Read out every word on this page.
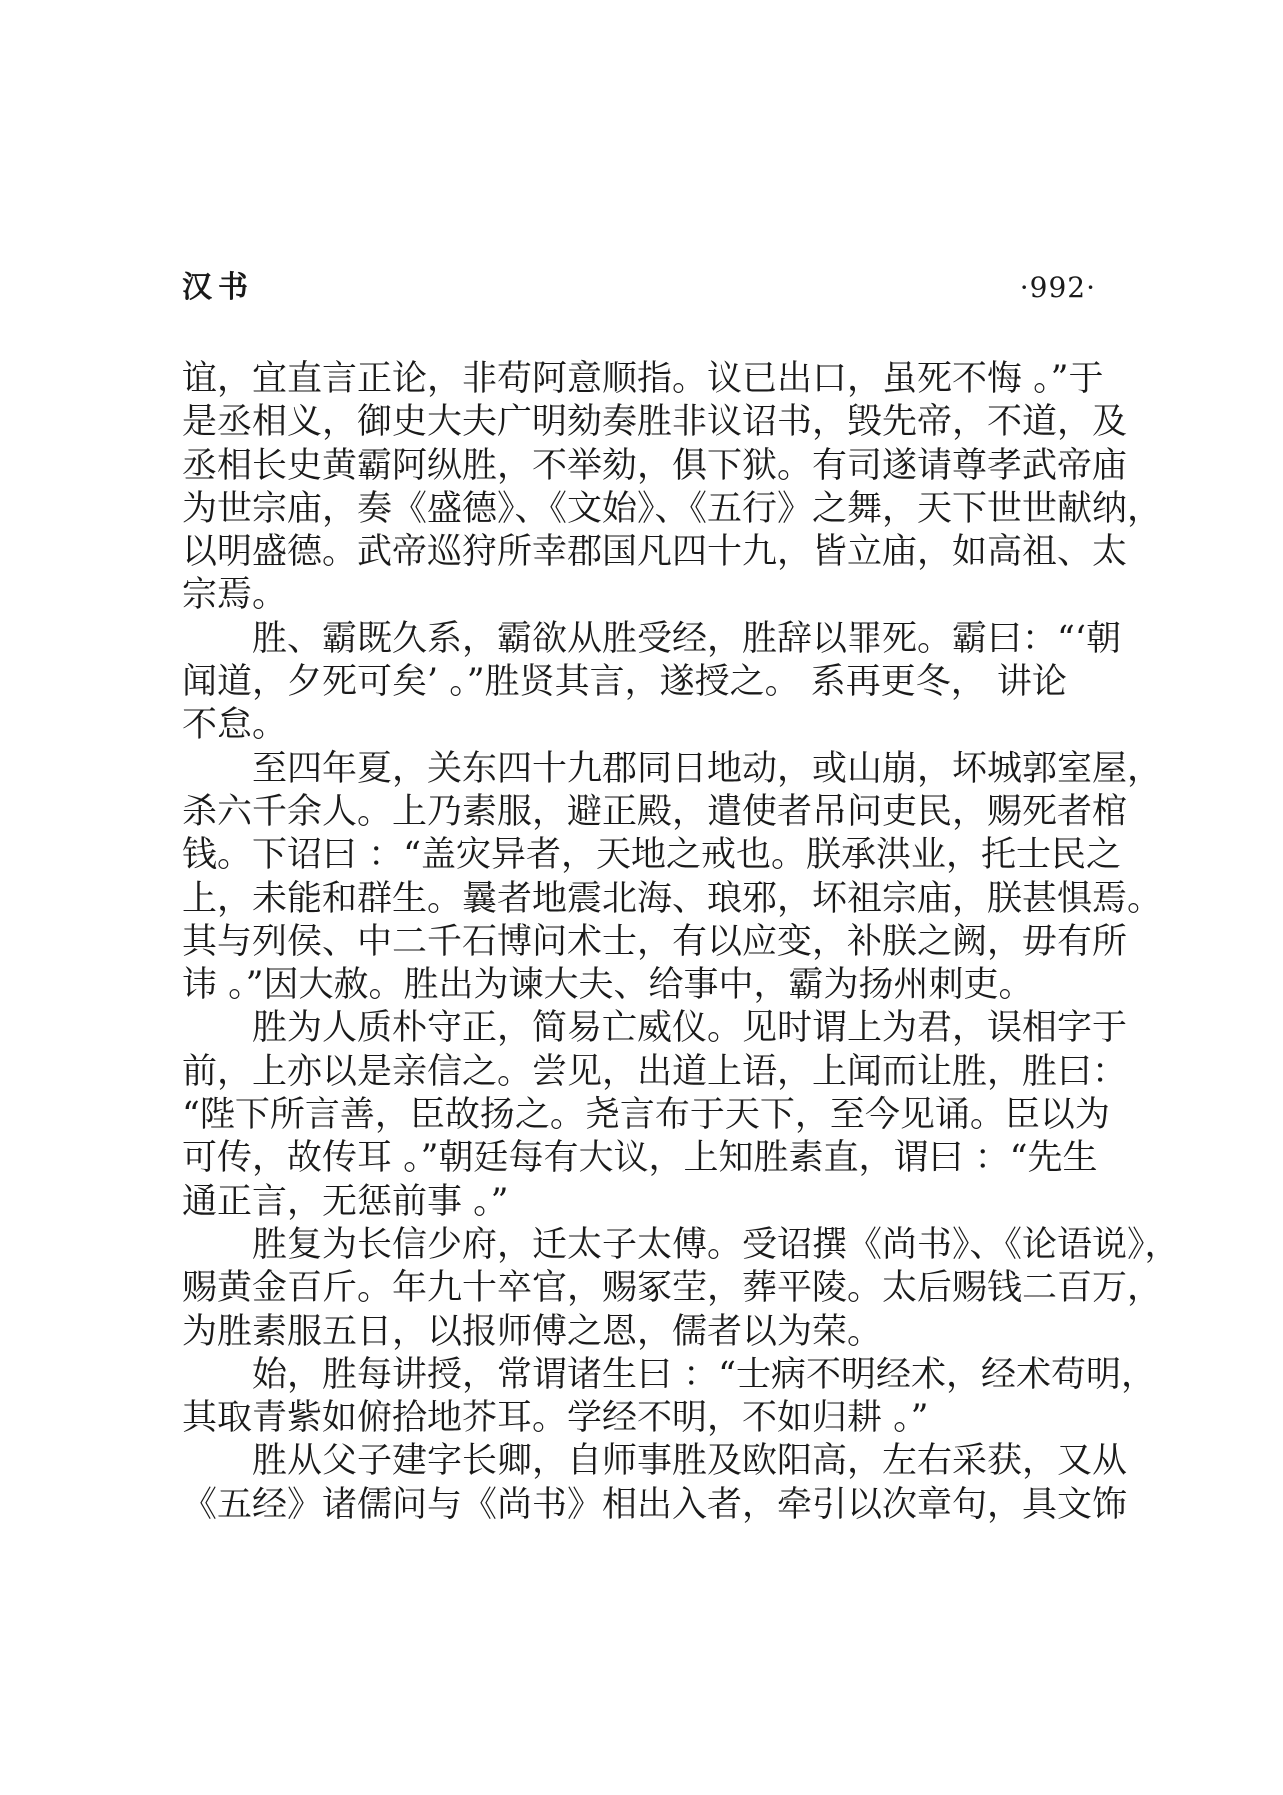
汉书	·992·
谊，宜直言正论，非苟阿意顺指。议已出口，虽死不悔 。”于
是丞相义，御史大夫广明劾奏胜非议诏书，毁先帝，不道，及
丞相长史黄霸阿纵胜，不举劾，俱下狱。有司遂请尊孝武帝庙
为世宗庙，奏《盛德》、《文始》、《五行》之舞，天下世世献纳，
以明盛德。武帝巡狩所幸郡国凡四十九，皆立庙，如高祖、太
宗焉。
胜、霸既久系，霸欲从胜受经，胜辞以罪死。霸曰：“‘朝
闻道，夕死可矣’ 。”胜贤其言，遂授之。 系再更冬， 讲论
不怠。
至四年夏，关东四十九郡同日地动，或山崩，坏城郭室屋，
杀六千余人。上乃素服，避正殿，遣使者吊问吏民，赐死者棺
钱。下诏曰 ：“盖灾异者，天地之戒也。朕承洪业，托士民之
上，未能和群生。曩者地震北海、琅邪，坏祖宗庙，朕甚惧焉。
其与列侯、中二千石博问术士，有以应变，补朕之阙，毋有所
讳 。”因大赦。胜出为谏大夫、给事中，霸为扬州刺吏。
胜为人质朴守正，简易亡威仪。见时谓上为君，误相字于
前，上亦以是亲信之。尝见，出道上语，上闻而让胜，胜曰：
“陛下所言善，臣故扬之。尧言布于天下，至今见诵。臣以为
可传，故传耳 。”朝廷每有大议，上知胜素直，谓曰 ：“先生
通正言，无惩前事 。”
胜复为长信少府，迁太子太傅。受诏撰《尚书》、《论语说》，
赐黄金百斤。年九十卒官，赐冢茔，葬平陵。太后赐钱二百万，
为胜素服五日，以报师傅之恩，儒者以为荣。
始，胜每讲授，常谓诸生曰 ：“士病不明经术，经术苟明，
其取青紫如俯拾地芥耳。学经不明，不如归耕 。”
胜从父子建字长卿，自师事胜及欧阳高，左右采获，又从
《五经》诸儒问与《尚书》相出入者，牵引以次章句，具文饰
